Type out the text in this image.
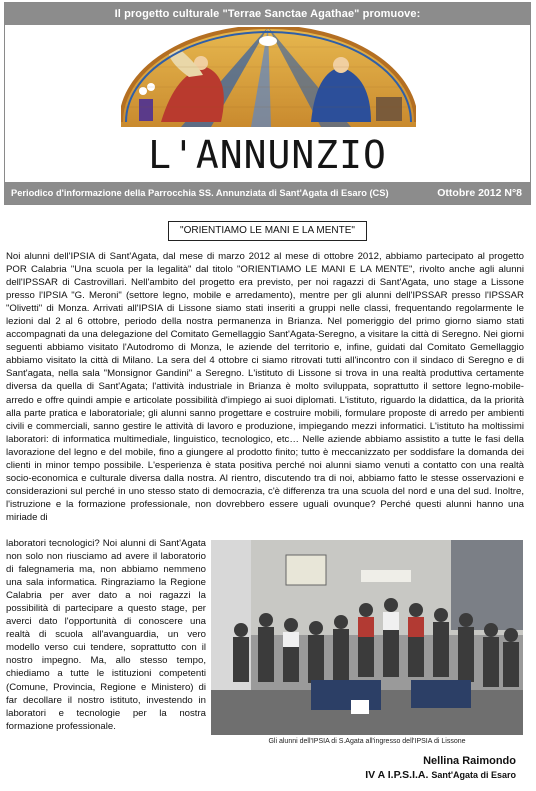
Il progetto culturale "Terrae Sanctae Agathae" promuove:
L'ANNUNZIO
Periodico d'informazione della Parrocchia SS. Annunziata di Sant'Agata di Esaro (CS)	Ottobre 2012 N°8
"ORIENTIAMO LE MANI E LA MENTE"
Noi alunni dell'IPSIA di Sant'Agata, dal mese di marzo 2012 al mese di ottobre 2012, abbiamo partecipato al progetto POR Calabria "Una scuola per la legalità" dal titolo "ORIENTIAMO LE MANI E LA MENTE", rivolto anche agli alunni dell'IPSSAR di Castrovillari. Nell'ambito del progetto era previsto, per noi ragazzi di Sant'Agata, uno stage a Lissone presso l'IPSIA "G. Meroni" (settore legno, mobile e arredamento), mentre per gli alunni dell'IPSSAR presso l'IPSSAR "Olivetti" di Monza. Arrivati all'IPSIA di Lissone siamo stati inseriti a gruppi nelle classi, frequentando regolarmente le lezioni dal 2 al 6 ottobre, periodo della nostra permanenza in Brianza. Nel pomeriggio del primo giorno siamo stati accompagnati da una delegazione del Comitato Gemellaggio Sant'Agata-Seregno, a visitare la città di Seregno. Nei giorni seguenti abbiamo visitato l'Autodromo di Monza, le aziende del territorio e, infine, guidati dal Comitato Gemellaggio abbiamo visitato la città di Milano. La sera del 4 ottobre ci siamo ritrovati tutti all'incontro con il sindaco di Seregno e di Sant'agata, nella sala "Monsignor Gandini" a Seregno. L'istituto di Lissone si trova in una realtà produttiva certamente diversa da quella di Sant'Agata; l'attività industriale in Brianza è molto sviluppata, soprattutto il settore legno-mobile-arredo e offre quindi ampie e articolate possibilità d'impiego ai suoi diplomati. L'istituto, riguardo la didattica, da la priorità alla parte pratica e laboratoriale; gli alunni sanno progettare e costruire mobili, formulare proposte di arredo per ambienti civili e commerciali, sanno gestire le attività di lavoro e produzione, impiegando mezzi informatici. L'istituto ha moltissimi laboratori: di informatica multimediale, linguistico, tecnologico, etc… Nelle aziende abbiamo assistito a tutte le fasi della lavorazione del legno e del mobile, fino a giungere al prodotto finito; tutto è meccanizzato per soddisfare la domanda dei clienti in minor tempo possibile. L'esperienza è stata positiva perché noi alunni siamo venuti a contatto con una realtà socio-economica e culturale diversa dalla nostra. Al rientro, discutendo tra di noi, abbiamo fatto le stesse osservazioni e considerazioni sul perché in uno stesso stato di democrazia, c'è differenza tra una scuola del nord e una del sud. Inoltre, l'istruzione e la formazione professionale, non dovrebbero essere uguali ovunque? Perché questi alunni hanno una miriade di
laboratori tecnologici? Noi alunni di Sant'Agata non solo non riusciamo ad avere il laboratorio di falegnameria ma, non abbiamo nemmeno una sala informatica. Ringraziamo la Regione Calabria per aver dato a noi ragazzi la possibilità di partecipare a questo stage, per averci dato l'opportunità di conoscere una realtà di scuola all'avanguardia, un vero modello verso cui tendere, soprattutto con il nostro impegno. Ma, allo stesso tempo, chiediamo a tutte le istituzioni competenti (Comune, Provincia, Regione e Ministero) di far decollare il nostro istituto, investendo in laboratori e tecnologie per la nostra formazione professionale.
Gli alunni dell'IPSIA di S.Agata all'ingresso dell'IPSIA di Lissone
Nellina Raimondo
IV A I.P.S.I.A. Sant'Agata di Esaro
